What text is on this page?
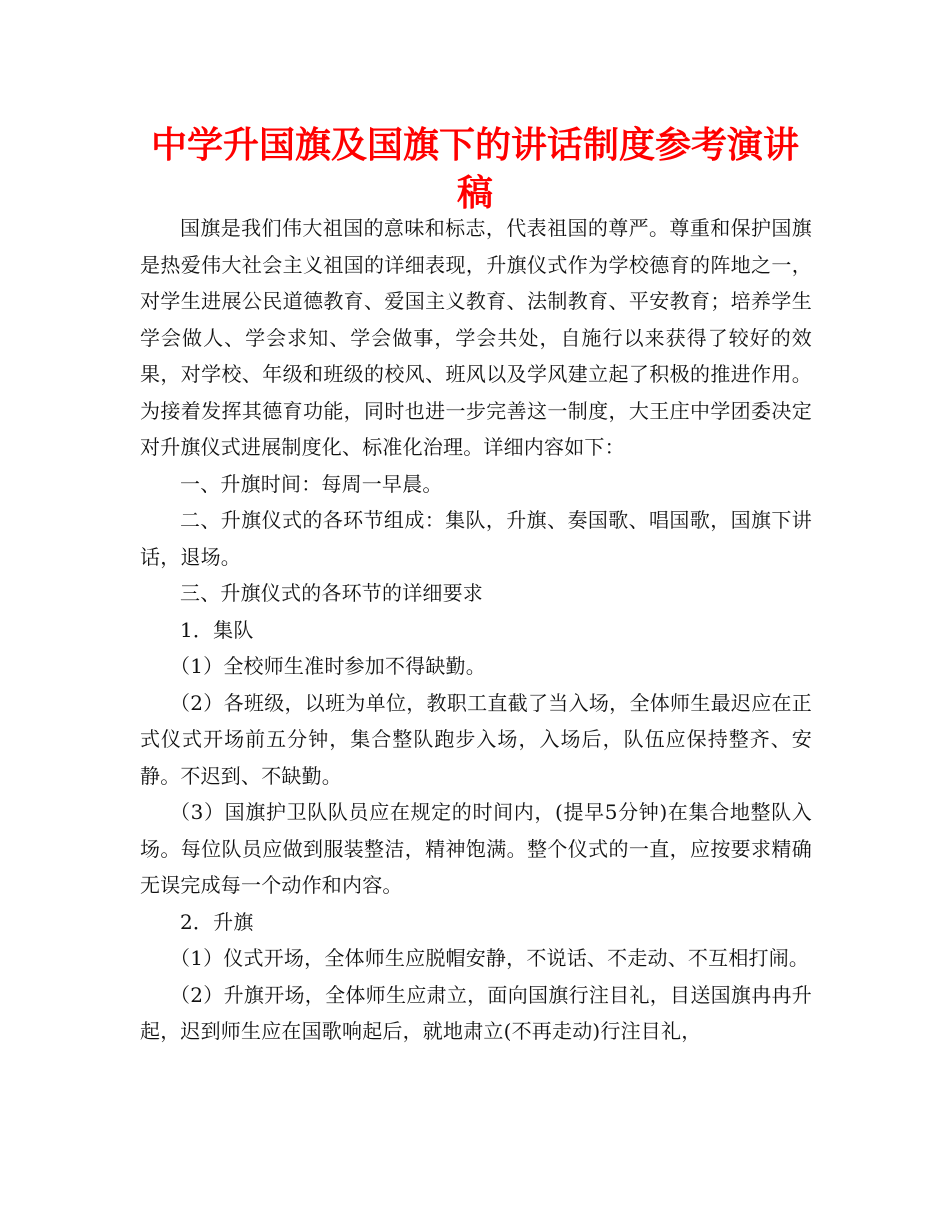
中学升国旗及国旗下的讲话制度参考演讲稿

国旗是我们伟大祖国的意味和标志，代表祖国的尊严。尊重和保护国旗是热爱伟大社会主义祖国的详细表现，升旗仪式作为学校德育的阵地之一，对学生进展公民道德教育、爱国主义教育、法制教育、平安教育；培养学生学会做人、学会求知、学会做事，学会共处，自施行以来获得了较好的效果，对学校、年级和班级的校风、班风以及学风建立起了积极的推进作用。为接着发挥其德育功能，同时也进一步完善这一制度，大王庄中学团委决定对升旗仪式进展制度化、标准化治理。详细内容如下：

一、升旗时间：每周一早晨。

二、升旗仪式的各环节组成：集队，升旗、奏国歌、唱国歌，国旗下讲话，退场。

三、升旗仪式的各环节的详细要求

1．集队

（1）全校师生准时参加不得缺勤。

（2）各班级，以班为单位，教职工直截了当入场，全体师生最迟应在正式仪式开场前五分钟，集合整队跑步入场，入场后，队伍应保持整齐、安静。不迟到、不缺勤。

（3）国旗护卫队队员应在规定的时间内，(提早5分钟)在集合地整队入场。每位队员应做到服装整洁，精神饱满。整个仪式的一直，应按要求精确无误完成每一个动作和内容。

2．升旗

（1）仪式开场，全体师生应脱帽安静，不说话、不走动、不互相打闹。

（2）升旗开场，全体师生应肃立，面向国旗行注目礼，目送国旗冉冉升起，迟到师生应在国歌响起后，就地肃立(不再走动)行注目礼，
